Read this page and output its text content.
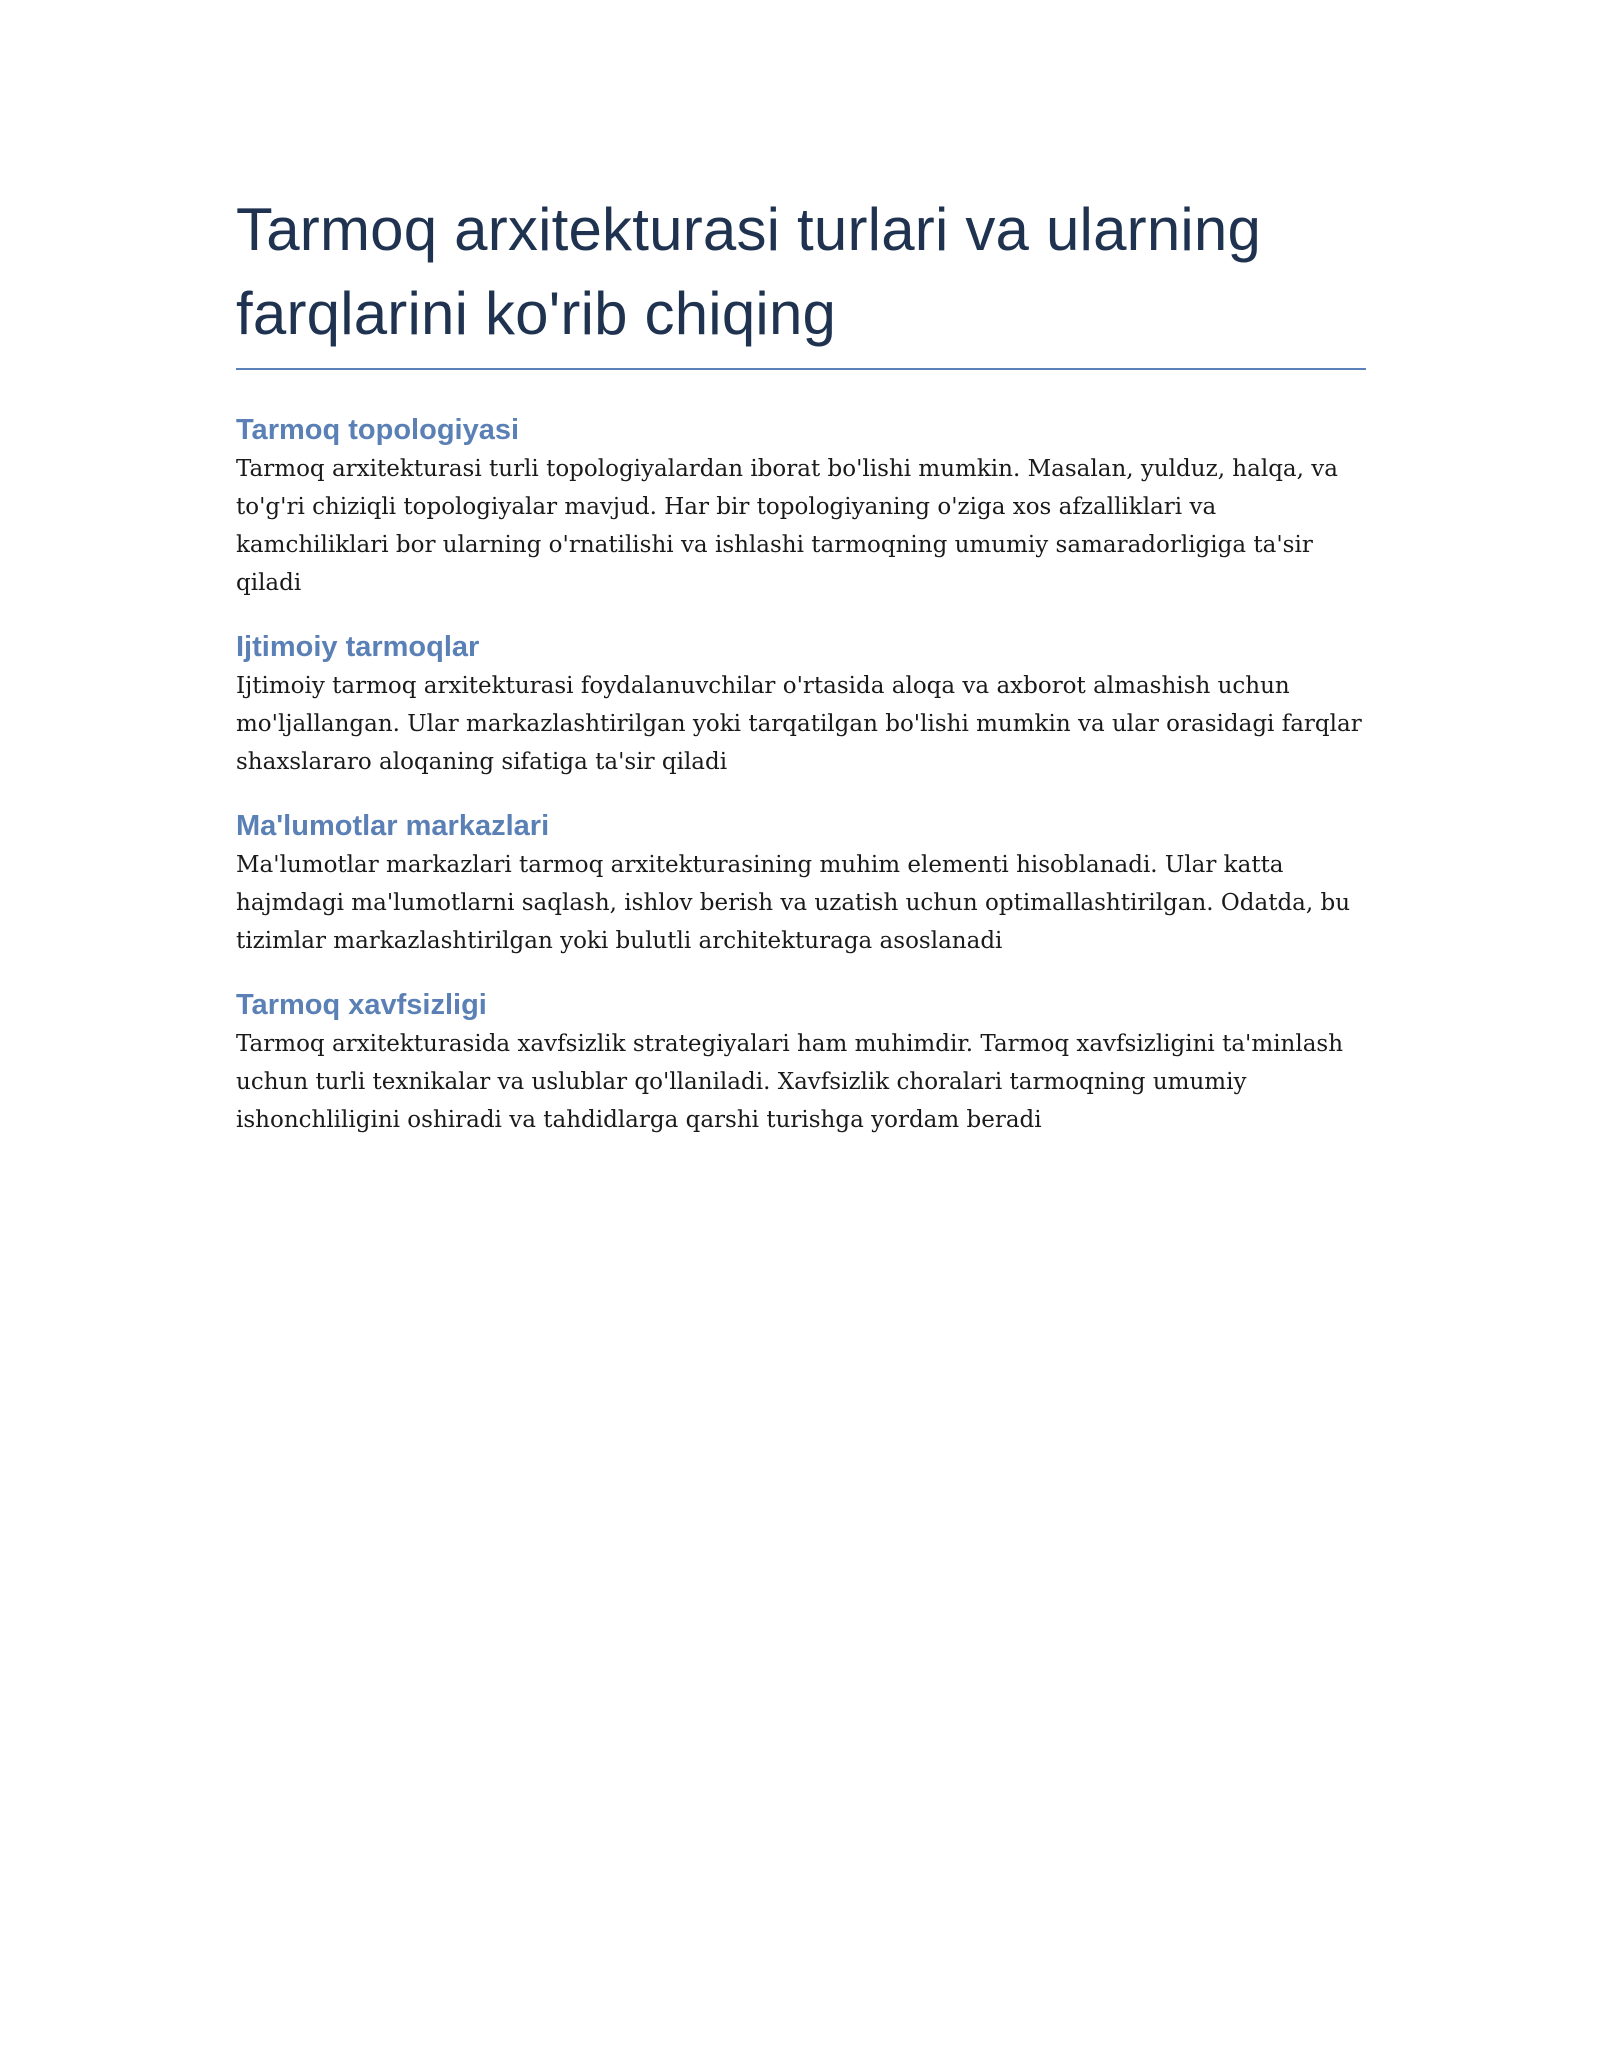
Tarmoq arxitekturasi turlari va ularning farqlarini ko'rib chiqing
Tarmoq topologiyasi

Tarmoq arxitekturasi turli topologiyalardan iborat bo'lishi mumkin. Masalan, yulduz, halqa, va to'g'ri chiziqli topologiyalar mavjud. Har bir topologiyaning o'ziga xos afzalliklari va kamchiliklari bor ularning o'rnatilishi va ishlashi tarmoqning umumiy samaradorligiga ta'sir qiladi

Ijtimoiy tarmoqlar

Ijtimoiy tarmoq arxitekturasi foydalanuvchilar o'rtasida aloqa va axborot almashish uchun mo'ljallangan. Ular markazlashtirilgan yoki tarqatilgan bo'lishi mumkin va ular orasidagi farqlar shaxslararo aloqaning sifatiga ta'sir qiladi

Ma'lumotlar markazlari

Ma'lumotlar markazlari tarmoq arxitekturasining muhim elementi hisoblanadi. Ular katta hajmdagi ma'lumotlarni saqlash, ishlov berish va uzatish uchun optimallashtirilgan. Odatda, bu tizimlar markazlashtirilgan yoki bulutli architekturaga asoslanadi

Tarmoq xavfsizligi

Tarmoq arxitekturasida xavfsizlik strategiyalari ham muhimdir. Tarmoq xavfsizligini ta'minlash uchun turli texnikalar va uslublar qo'llaniladi. Xavfsizlik choralari tarmoqning umumiy ishonchliligini oshiradi va tahdidlarga qarshi turishga yordam beradi
